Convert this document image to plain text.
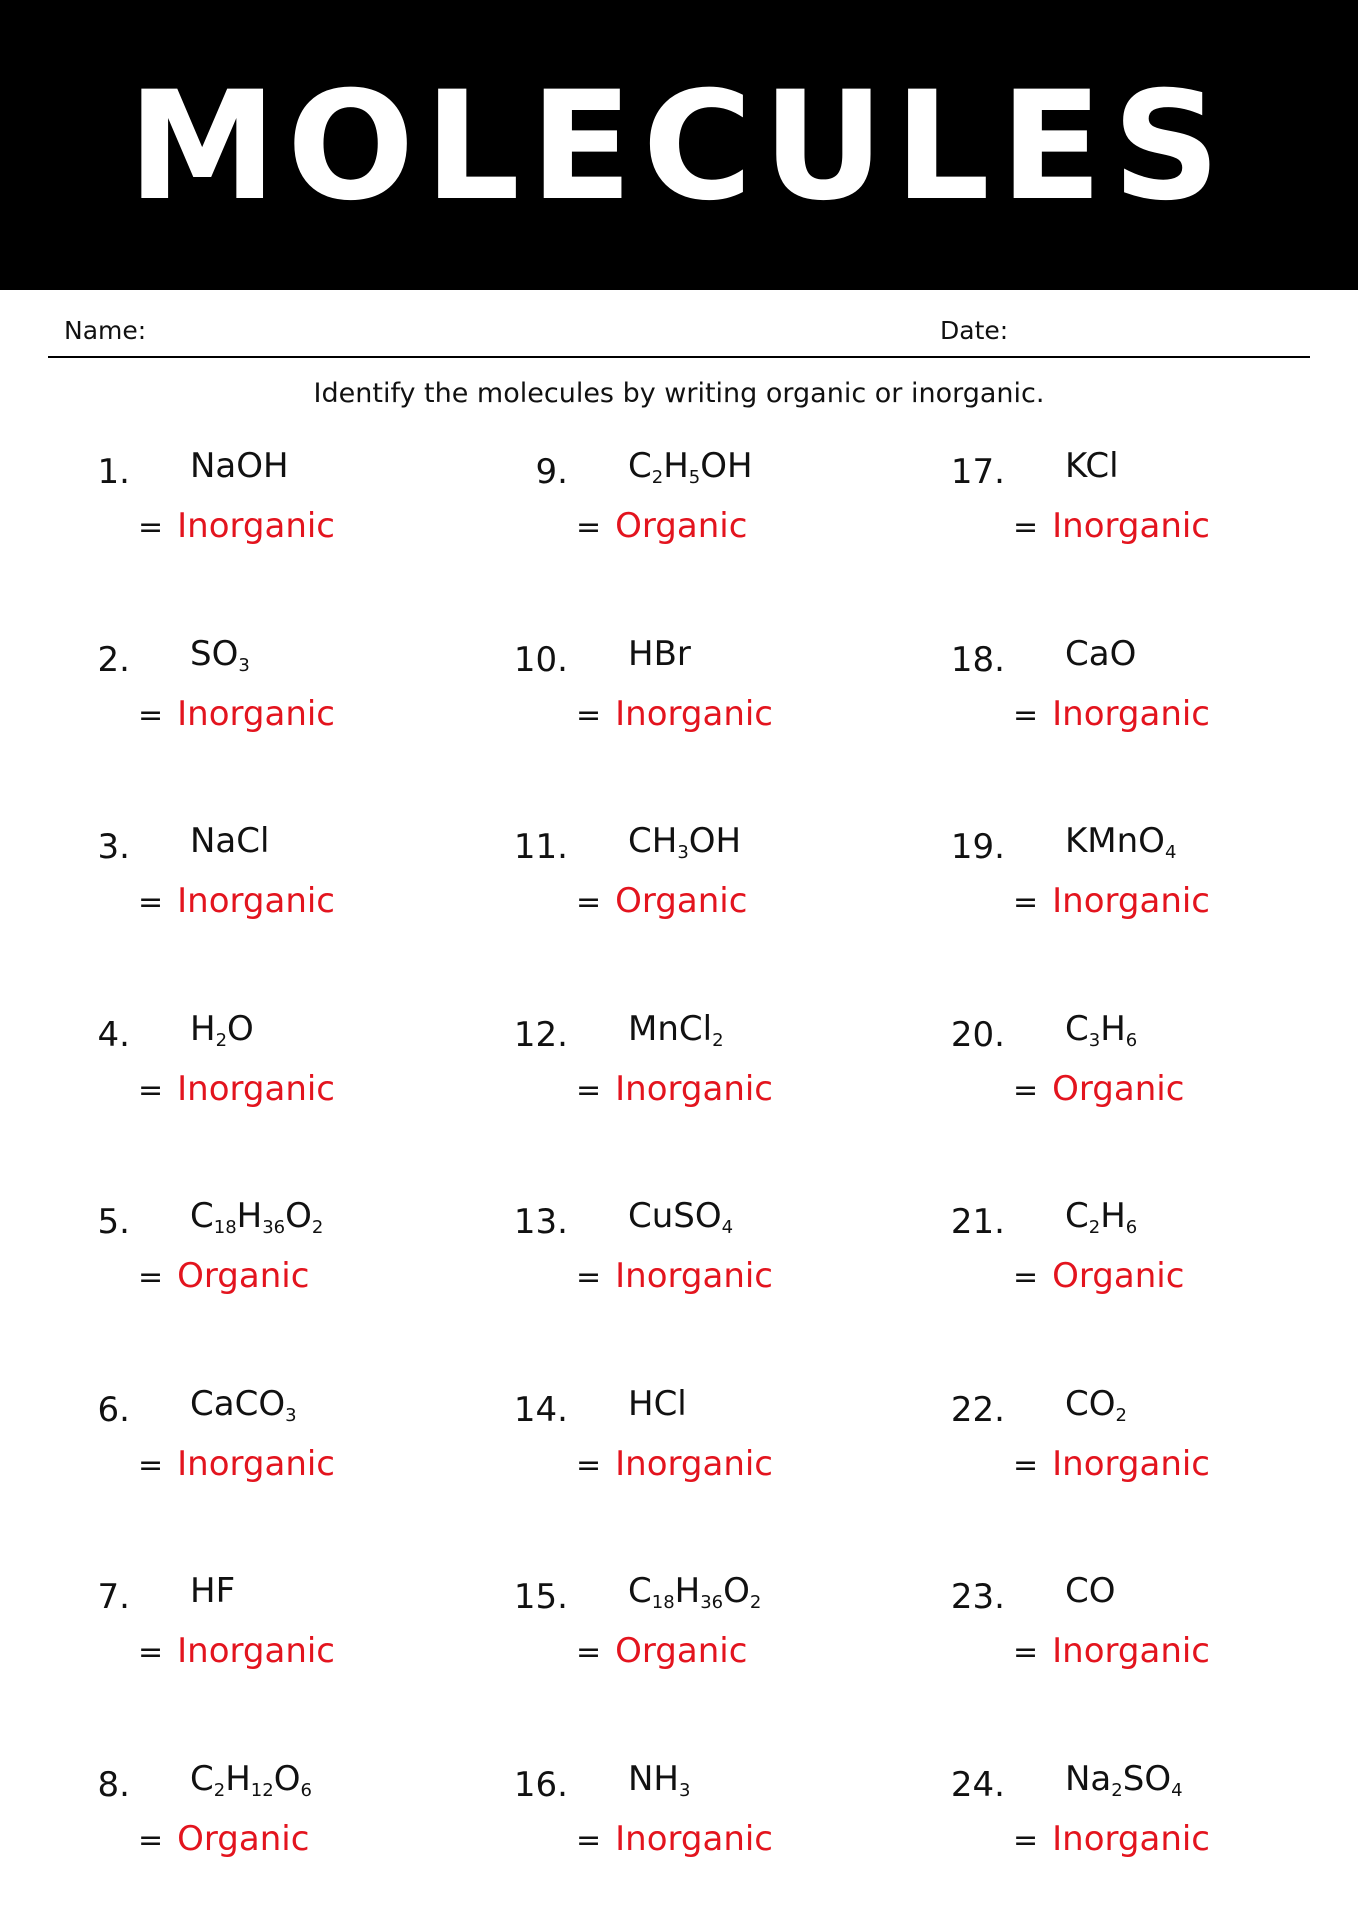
MOLECULES
Name:	Date:
Identify the molecules by writing organic or inorganic.
1. NaOH
= Inorganic
2. $SO_3$
= Inorganic
3. NaCl
= Inorganic
4. $H_2O$
= Inorganic
5. $C_{18}H_{36}O_2$
= Organic
6. CaCO$_3$
= Inorganic
7. HF
= Inorganic
8. $C_2H_{12}O_6$
= Organic
9. $C_2H_5OH$
= Organic
10. HBr
= Inorganic
11. $CH_3OH$
= Organic
12. MnCl$_2$
= Inorganic
13. CuSO$_4$
= Inorganic
14. HCl
= Inorganic
15. $C_{18}H_{36}O_2$
= Organic
16. $NH_3$
= Inorganic
17. KCl
= Inorganic
18. CaO
= Inorganic
19. KMnO$_4$
= Inorganic
20. $C_3H_6$
= Organic
21. $C_2H_6$
= Organic
22. $CO_2$
= Inorganic
23. CO
= Inorganic
24. $Na_2SO_4$
= Inorganic
